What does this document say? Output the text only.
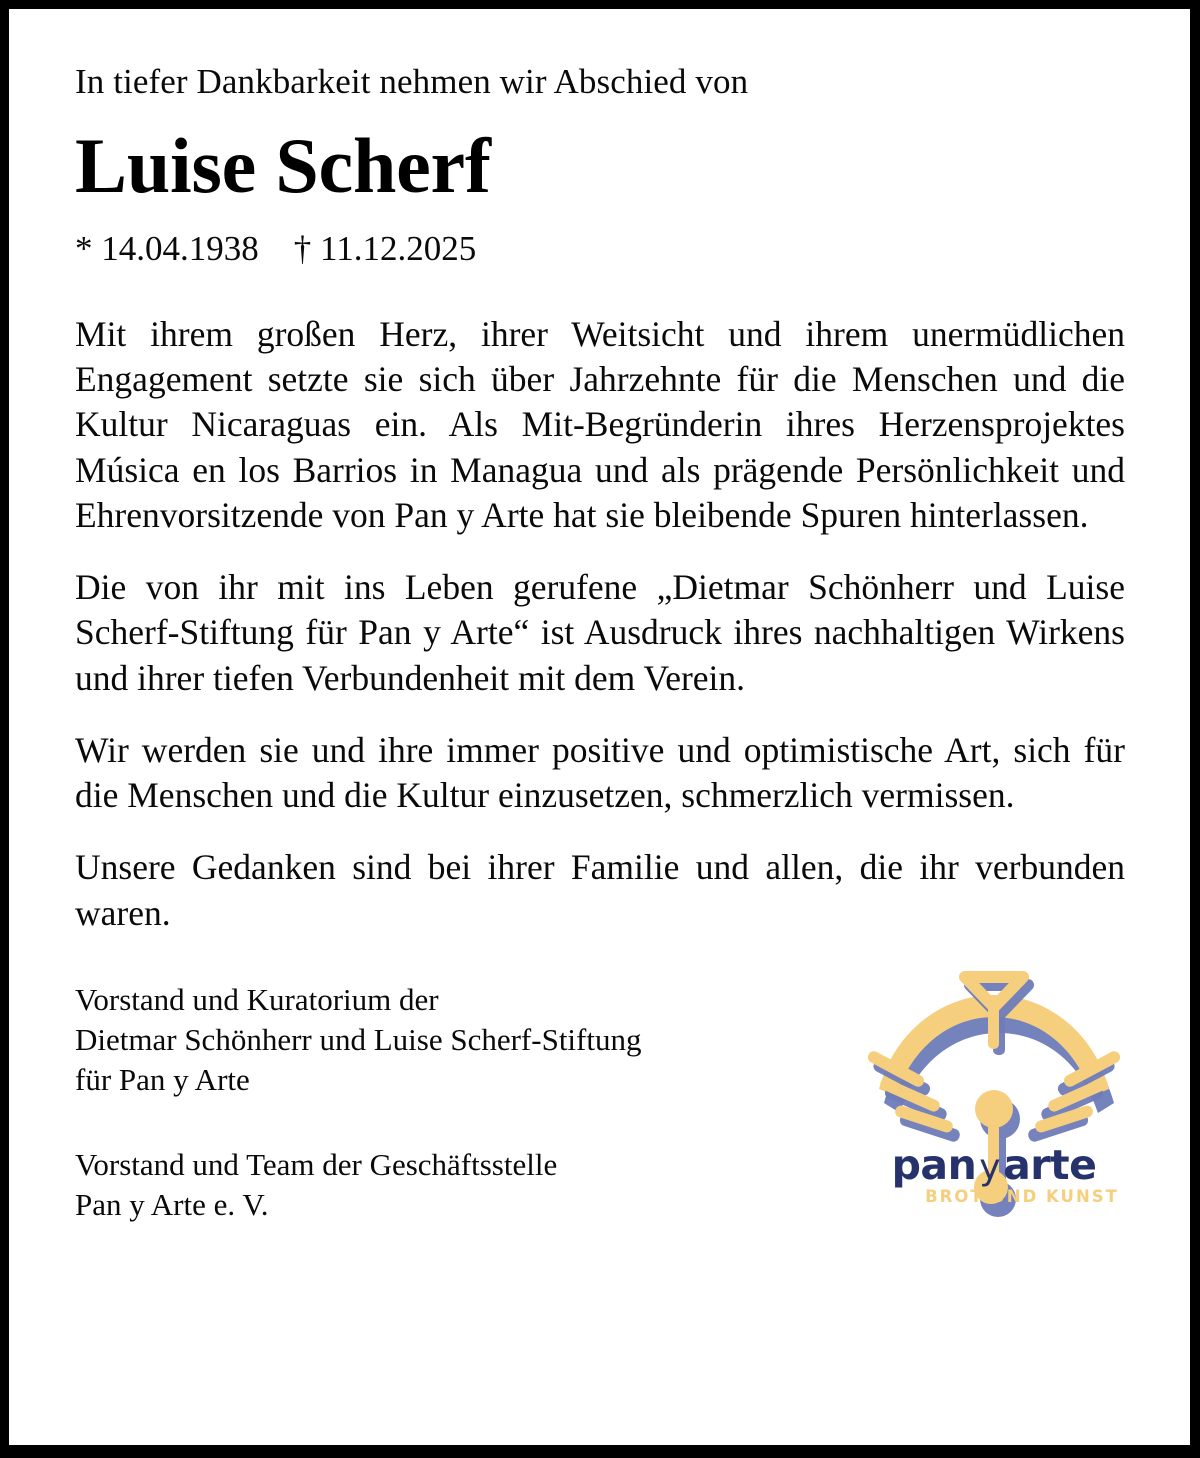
In tiefer Dankbarkeit nehmen wir Abschied von

Luise Scherf

* 14.04.1938    † 11.12.2025

Mit ihrem großen Herz, ihrer Weitsicht und ihrem unermüdlichen Engagement setzte sie sich über Jahrzehnte für die Menschen und die Kultur Nicaraguas ein. Als Mit-Begründerin ihres Herzensprojektes Música en los Barrios in Managua und als prägende Persönlichkeit und Ehrenvorsitzende von Pan y Arte hat sie bleibende Spuren hinterlassen.

Die von ihr mit ins Leben gerufene „Dietmar Schönherr und Luise Scherf-Stiftung für Pan y Arte“ ist Ausdruck ihres nachhaltigen Wirkens und ihrer tiefen Verbundenheit mit dem Verein.

Wir werden sie und ihre immer positive und optimistische Art, sich für die Menschen und die Kultur einzusetzen, schmerzlich vermissen.

Unsere Gedanken sind bei ihrer Familie und allen, die ihr verbunden waren.

Vorstand und Kuratorium der
Dietmar Schönherr und Luise Scherf-Stiftung
für Pan y Arte
Vorstand und Team der Geschäftsstelle
Pan y Arte e. V.
panyarte
BROT UND KUNST
